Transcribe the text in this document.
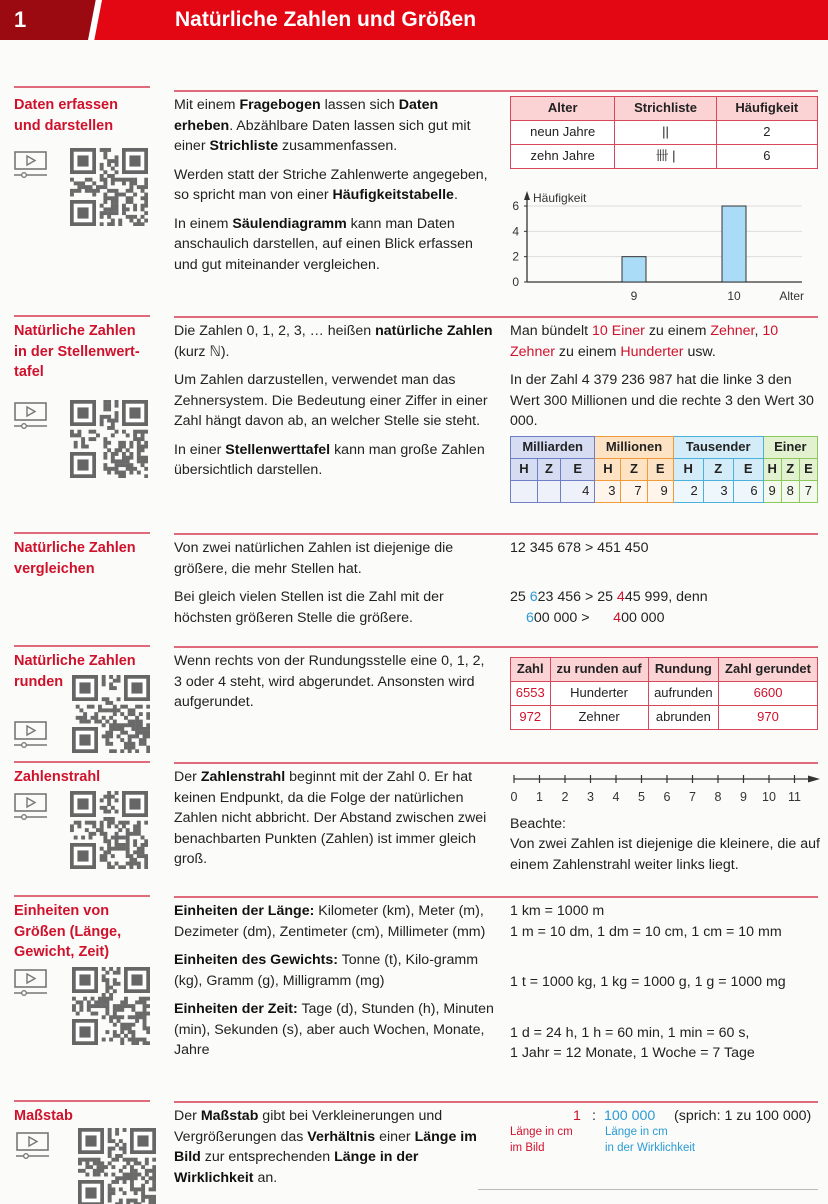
1	Natürliche Zahlen und Größen
Daten erfassen und darstellen

Mit einem Fragebogen lassen sich Daten erheben. Abzählbare Daten lassen sich gut mit einer Strichliste zusammenfassen.

Werden statt der Striche Zahlenwerte angegeben, so spricht man von einer Häufigkeitstabelle.

In einem Säulendiagramm kann man Daten anschaulich darstellen, auf einen Blick erfassen und gut miteinander vergleichen.

Alter	Strichliste	Häufigkeit
neun Jahre	||	2
zehn Jahre	卌 |	6
0
2
4
6
Häufigkeit
Alter
9	10
Natürliche Zahlen in der Stellenwert-tafel

Die Zahlen 0, 1, 2, 3, … heißen natürliche Zahlen (kurz ℕ).

Um Zahlen darzustellen, verwendet man das Zehnersystem. Die Bedeutung einer Ziffer in einer Zahl hängt davon ab, an welcher Stelle sie steht.

In einer Stellenwerttafel kann man große Zahlen übersichtlich darstellen.

Man bündelt 10 Einer zu einem Zehner, 10 Zehner zu einem Hunderter usw.

In der Zahl 4 379 236 987 hat die linke 3 den Wert 300 Millionen und die rechte 3 den Wert 30 000.

Milliarden			Millionen			Tausender			Einer		
H	Z	E	H	Z	E	H	Z	E	H	Z	E
		4	3	7	9	2	3	6	9	8	7
Natürliche Zahlen vergleichen

Von zwei natürlichen Zahlen ist diejenige die größere, die mehr Stellen hat.

Bei gleich vielen Stellen ist die Zahl mit der höchsten größeren Stelle die größere.

12 345 678 > 451 450
25 623 456 > 25 445 999, denn
600 000 >      400 000
Natürliche Zahlen runden

Wenn rechts von der Rundungsstelle eine 0, 1, 2, 3 oder 4 steht, wird abgerundet. Ansonsten wird aufgerundet.

Zahl	zu runden auf	Rundung	Zahl gerundet
6553	Hunderter	aufrunden	6600
972	Zehner	abrunden	970
Zahlenstrahl	Der Zahlenstrahl beginnt mit der Zahl 0. Er hat keinen Endpunkt, da die Folge der natürlichen Zahlen nicht abbricht. Der Abstand zwischen zwei benachbarten Punkten (Zahlen) ist immer gleich groß.

0 1 2 3 4 5 6 7 8 9 10 11
Beachte:
Von zwei Zahlen ist diejenige die kleinere, die auf einem Zahlenstrahl weiter links liegt.
Einheiten von Größen (Länge, Gewicht, Zeit)

Einheiten der Länge: Kilometer (km), Meter (m), Dezimeter (dm), Zentimeter (cm), Millimeter (mm)

Einheiten des Gewichts: Tonne (t), Kilo-gramm (kg), Gramm (g), Milligramm (mg)

Einheiten der Zeit: Tage (d), Stunden (h), Minuten (min), Sekunden (s), aber auch Wochen, Monate, Jahre

1 km = 1000 m
1 m = 10 dm, 1 dm = 10 cm, 1 cm = 10 mm
1 t = 1000 kg, 1 kg = 1000 g, 1 g = 1000 mg
1 d = 24 h, 1 h = 60 min, 1 min = 60 s,
1 Jahr = 12 Monate, 1 Woche = 7 Tage
Maßstab	Der Maßstab gibt bei Verkleinerungen und Vergrößerungen das Verhältnis einer Länge im Bild zur entsprechenden Länge in der Wirklichkeit an.

1 : 100 000 (sprich: 1 zu 100 000)
Länge in cm
im Bild
Länge in cm
in der Wirklichkeit
